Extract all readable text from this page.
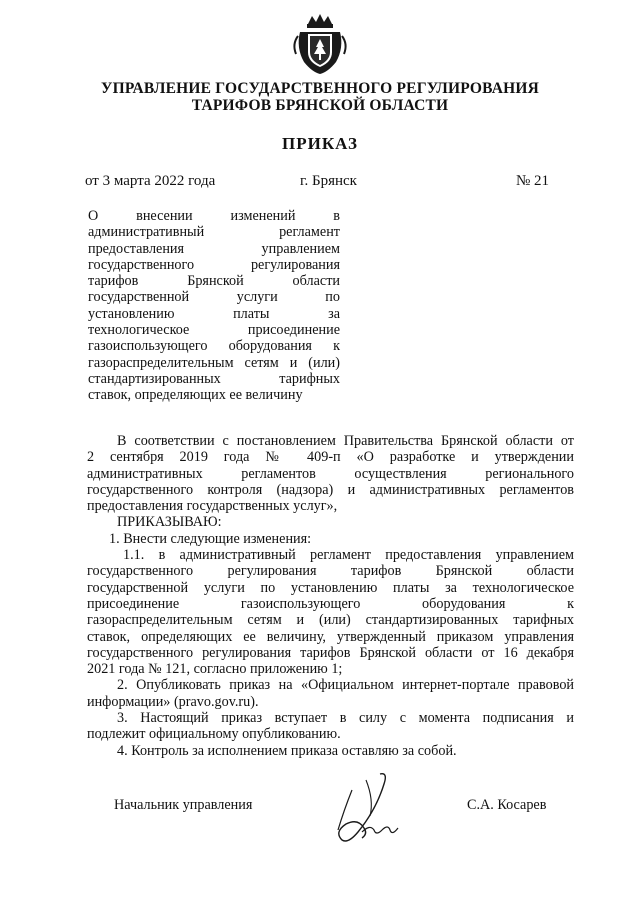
УПРАВЛЕНИЕ ГОСУДАРСТВЕННОГО РЕГУЛИРОВАНИЯ
ТАРИФОВ БРЯНСКОЙ ОБЛАСТИ
ПРИКАЗ
от 3 марта 2022 года	г. Брянск	№ 21
О внесении изменений в
административный регламент
предоставления управлением
государственного регулирования
тарифов Брянской области
государственной услуги по
установлению платы за
технологическое присоединение
газоиспользующего оборудования к
газораспределительным сетям и (или)
стандартизированных тарифных
ставок, определяющих ее величину
В соответствии с постановлением Правительства Брянской области от
2 сентября 2019 года № 409-п «О разработке и утверждении
административных регламентов осуществления регионального
государственного контроля (надзора) и административных регламентов
предоставления государственных услуг»,
ПРИКАЗЫВАЮ:
1. Внести следующие изменения:
1.1. в административный регламент предоставления управлением
государственного регулирования тарифов Брянской области
государственной услуги по установлению платы за технологическое
присоединение газоиспользующего оборудования к
газораспределительным сетям и (или) стандартизированных тарифных
ставок, определяющих ее величину, утвержденный приказом управления
государственного регулирования тарифов Брянской области от 16 декабря
2021 года № 121, согласно приложению 1;
2. Опубликовать приказ на «Официальном интернет-портале правовой
информации» (pravo.gov.ru).
3. Настоящий приказ вступает в силу с момента подписания и
подлежит официальному опубликованию.
4. Контроль за исполнением приказа оставляю за собой.
Начальник управления	С.А. Косарев
